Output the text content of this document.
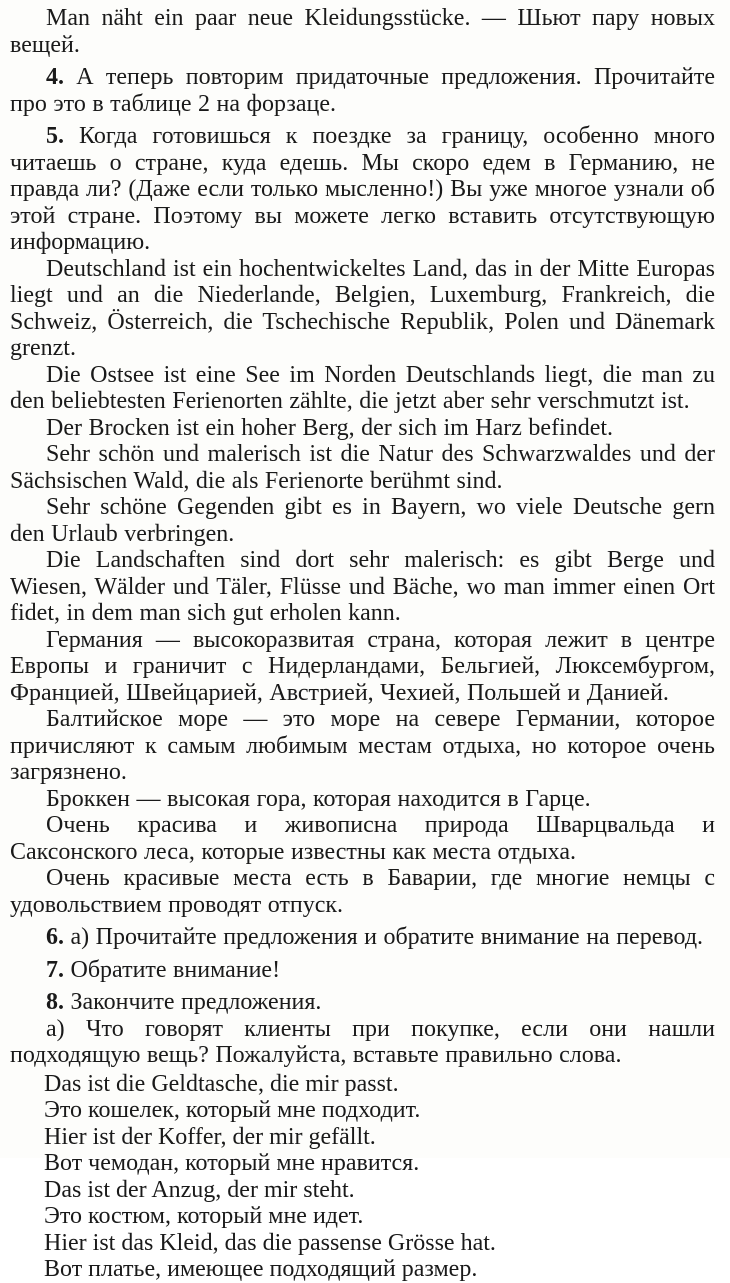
Man näht ein paar neue Kleidungsstücke. — Шьют пару новых вещей.

4. А теперь повторим придаточные предложения. Прочитайте про это в таблице 2 на форзаце.

5. Когда готовишься к поездке за границу, особенно много читаешь о стране, куда едешь. Мы скоро едем в Германию, не правда ли? (Даже если только мысленно!) Вы уже многое узнали об этой стране. Поэтому вы можете легко вставить отсутствующую информацию.

Deutschland ist ein hochentwickeltes Land, das in der Mitte Europas liegt und an die Niederlande, Belgien, Luxemburg, Frankreich, die Schweiz, Österreich, die Tschechische Republik, Polen und Dänemark grenzt.

Die Ostsee ist eine See im Norden Deutschlands liegt, die man zu den beliebtesten Ferienorten zählte, die jetzt aber sehr verschmutzt ist.

Der Brocken ist ein hoher Berg, der sich im Harz befindet.

Sehr schön und malerisch ist die Natur des Schwarzwaldes und der Sächsischen Wald, die als Ferienorte berühmt sind.

Sehr schöne Gegenden gibt es in Bayern, wo viele Deutsche gern den Urlaub verbringen.

Die Landschaften sind dort sehr malerisch: es gibt Berge und Wiesen, Wälder und Täler, Flüsse und Bäche, wo man immer einen Ort fidet, in dem man sich gut erholen kann.

Германия — высокоразвитая страна, которая лежит в центре Европы и граничит с Нидерландами, Бельгией, Люксембургом, Францией, Швейцарией, Австрией, Чехией, Польшей и Данией.

Балтийское море — это море на севере Германии, которое причисляют к самым любимым местам отдыха, но которое очень загрязнено.

Броккен — высокая гора, которая находится в Гарце.

Очень красива и живописна природа Шварцвальда и Саксонского леса, которые известны как места отдыха.

Очень красивые места есть в Баварии, где многие немцы с удовольствием проводят отпуск.

6. а) Прочитайте предложения и обратите внимание на перевод.

7. Обратите внимание!

8. Закончите предложения.

а) Что говорят клиенты при покупке, если они нашли подходящую вещь? Пожалуйста, вставьте правильно слова.

Das ist die Geldtasche, die mir passt.

Это кошелек, который мне подходит.

Hier ist der Koffer, der mir gefällt.

Вот чемодан, который мне нравится.

Das ist der Anzug, der mir steht.

Это костюм, который мне идет.

Hier ist das Kleid, das die passense Grösse hat.

Вот платье, имеющее подходящий размер.
